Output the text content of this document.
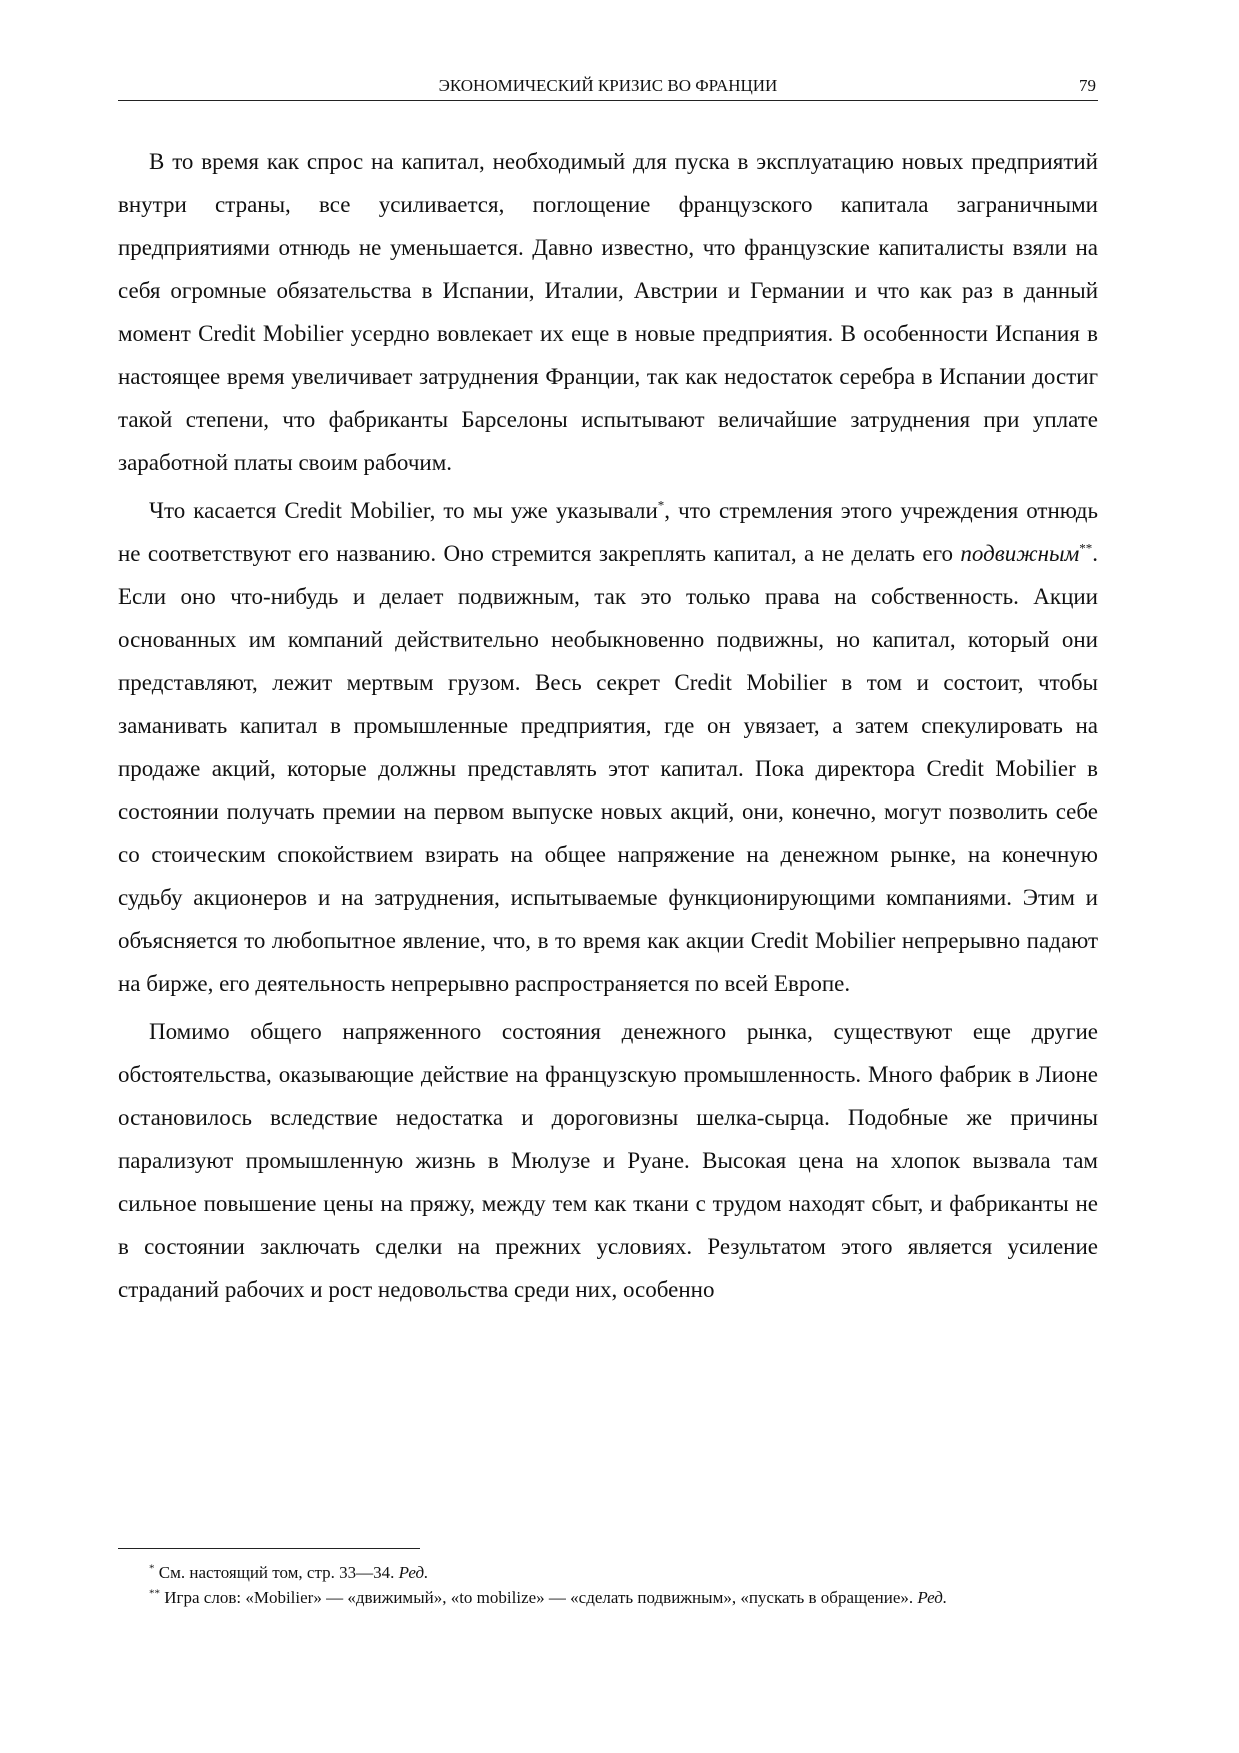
ЭКОНОМИЧЕСКИЙ КРИЗИС ВО ФРАНЦИИ	79

В то время как спрос на капитал, необходимый для пуска в эксплуатацию новых предприятий внутри страны, все усиливается, поглощение французского капитала заграничными предприятиями отнюдь не уменьшается. Давно известно, что французские капиталисты взяли на себя огромные обязательства в Испании, Италии, Австрии и Германии и что как раз в данный момент Crеdit Mobilier усердно вовлекает их еще в новые предприятия. В особенности Испания в настоящее время увеличивает затруднения Франции, так как недостаток серебра в Испании достиг такой степени, что фабриканты Барселоны испытывают величайшие затруднения при уплате заработной платы своим рабочим.

Что касается Crеdit Mobilier, то мы уже указывали*, что стремления этого учреждения отнюдь не соответствуют его названию. Оно стремится закреплять капитал, а не делать его подвижным**. Если оно что-нибудь и делает подвижным, так это только права на собственность. Акции основанных им компаний действительно необыкновенно подвижны, но капитал, который они представляют, лежит мертвым грузом. Весь секрет Crеdit Mobilier в том и состоит, чтобы заманивать капитал в промышленные предприятия, где он увязает, а затем спекулировать на продаже акций, которые должны представлять этот капитал. Пока директора Crеdit Mobilier в состоянии получать премии на первом выпуске новых акций, они, конечно, могут позволить себе со стоическим спокойствием взирать на общее напряжение на денежном рынке, на конечную судьбу акционеров и на затруднения, испытываемые функционирующими компаниями. Этим и объясняется то любопытное явление, что, в то время как акции Crеdit Mobilier непрерывно падают на бирже, его деятельность непрерывно распространяется по всей Европе.

Помимо общего напряженного состояния денежного рынка, существуют еще другие обстоятельства, оказывающие действие на французскую промышленность. Много фабрик в Лионе остановилось вследствие недостатка и дороговизны шелка-сырца. Подобные же причины парализуют промышленную жизнь в Мюлузе и Руане. Высокая цена на хлопок вызвала там сильное повышение цены на пряжу, между тем как ткани с трудом находят сбыт, и фабриканты не в состоянии заключать сделки на прежних условиях. Результатом этого является усиление страданий рабочих и рост недовольства среди них, особенно

* См. настоящий том, стр. 33—34. Ред.

** Игра слов: «Mobilier» — «движимый», «to mobilize» — «сделать подвижным», «пускать в обращение». Ред.
